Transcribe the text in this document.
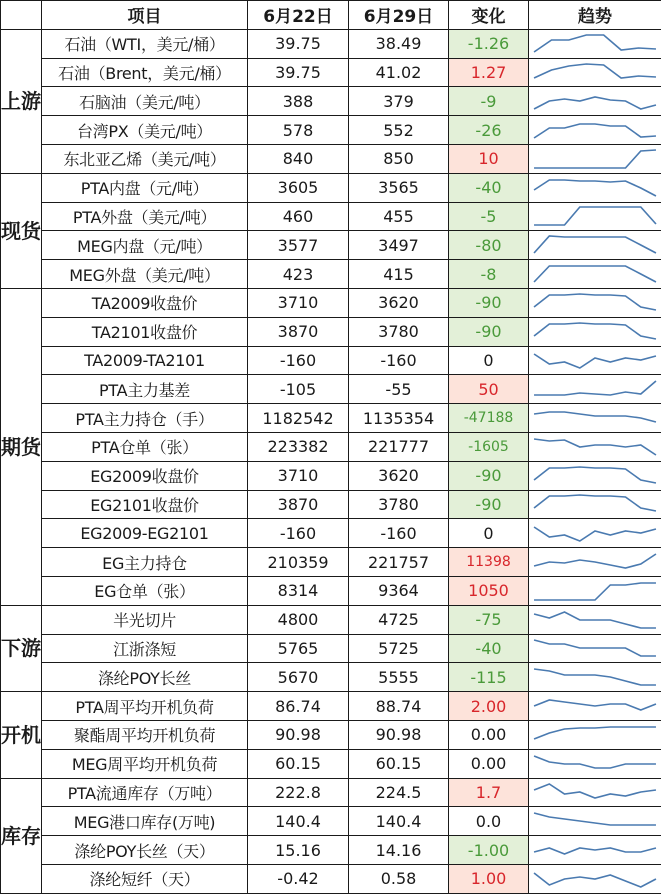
	项目	6月22日	6月29日	变化	趋势
上游	石油（WTI，美元/桶）	39.75	38.49	-1.26	

	石油（Brent，美元/桶）	39.75	41.02	1.27	

	石脑油（美元/吨）	388	379	-9	

	台湾PX（美元/吨）	578	552	-26	

	东北亚乙烯（美元/吨）	840	850	10	

现货	PTA内盘（元/吨）	3605	3565	-40	

	PTA外盘（美元/吨）	460	455	-5	

	MEG内盘（元/吨）	3577	3497	-80	

	MEG外盘（美元/吨）	423	415	-8	

期货	TA2009收盘价	3710	3620	-90	

	TA2101收盘价	3870	3780	-90	

	TA2009-TA2101	-160	-160	0	

	PTA主力基差	-105	-55	50	

	PTA主力持仓（手）	1182542	1135354	-47188	

	PTA仓单（张）	223382	221777	-1605	

	EG2009收盘价	3710	3620	-90	

	EG2101收盘价	3870	3780	-90	

	EG2009-EG2101	-160	-160	0	

	EG主力持仓	210359	221757	11398	

	EG仓单（张）	8314	9364	1050	

下游	半光切片	4800	4725	-75	

	江浙涤短	5765	5725	-40	

	涤纶POY长丝	5670	5555	-115	

开机	PTA周平均开机负荷	86.74	88.74	2.00	

	聚酯周平均开机负荷	90.98	90.98	0.00	

	MEG周平均开机负荷	60.15	60.15	0.00	

库存	PTA流通库存（万吨）	222.8	224.5	1.7	

	MEG港口库存(万吨)	140.4	140.4	0.0	

	涤纶POY长丝（天）	15.16	14.16	-1.00	

	涤纶短纤（天）	-0.42	0.58	1.00	
